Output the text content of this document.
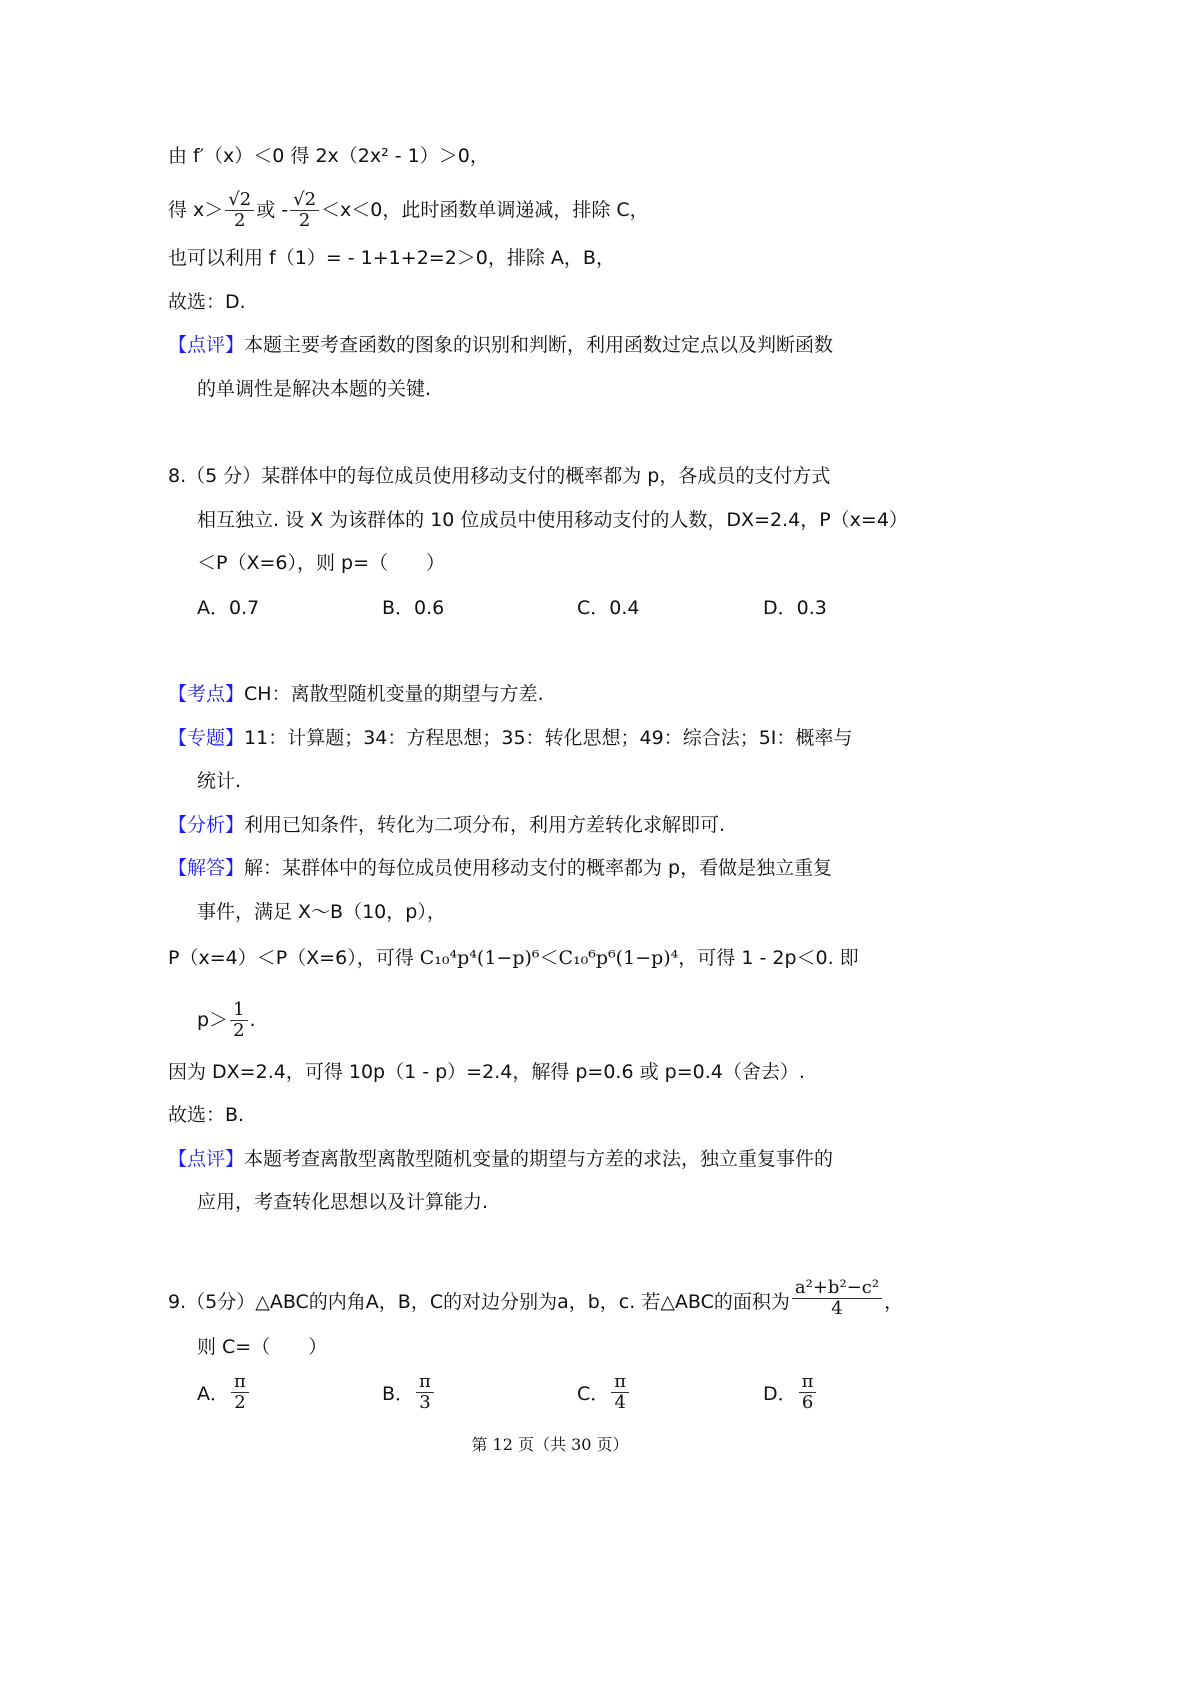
由 f′（x）＜0 得 2x（2x² - 1）＞0，
得 $x> \frac{√2}{2}$ 或 - $\frac{√2}{2} <x<0$，此时函数单调递减，排除 C，
也可以利用 f（1）= - 1+1+2=2＞0，排除 A，B，
故选：D.
【点评】本题主要考查函数的图象的识别和判断，利用函数过定点以及判断函数
的单调性是解决本题的关键.
8.（5 分）某群体中的每位成员使用移动支付的概率都为 p，各成员的支付方式
相互独立. 设 X 为该群体的 10 位成员中使用移动支付的人数，DX=2.4，P（x=4）
＜P（X=6），则 p=（　　）
A．0.7	B．0.6	C．0.4	D．0.3
【考点】CH：离散型随机变量的期望与方差.
【专题】11：计算题；34：方程思想；35：转化思想；49：综合法；5I：概率与
统计.
【分析】利用已知条件，转化为二项分布，利用方差转化求解即可.
【解答】解：某群体中的每位成员使用移动支付的概率都为 p，看做是独立重复
事件，满足 X～B（10，p），
P（x=4）＜P（X=6），可得 C₁₀⁴p⁴(1−p)⁶＜C₁₀⁶p⁶(1−p)⁴，可得 1 - 2p＜0. 即
$p> \frac{1}{2}$ .
因为 DX=2.4，可得 10p（1 - p）=2.4，解得 p=0.6 或 p=0.4（舍去）.
故选：B.
【点评】本题考查离散型离散型随机变量的期望与方差的求法，独立重复事件的
应用，考查转化思想以及计算能力.
9.（5分）△ABC的内角A，B，C的对边分别为a，b，c. 若△ABC的面积为 $\frac{\text{a²+b²−c²}}{4}$ ，
则 C=（　　）
A． $\frac{\pi}{2}$	B． $\frac{\pi}{3}$	C． $\frac{\pi}{4}$	D． $\frac{\pi}{6}$
第 12 页（共 30 页）
